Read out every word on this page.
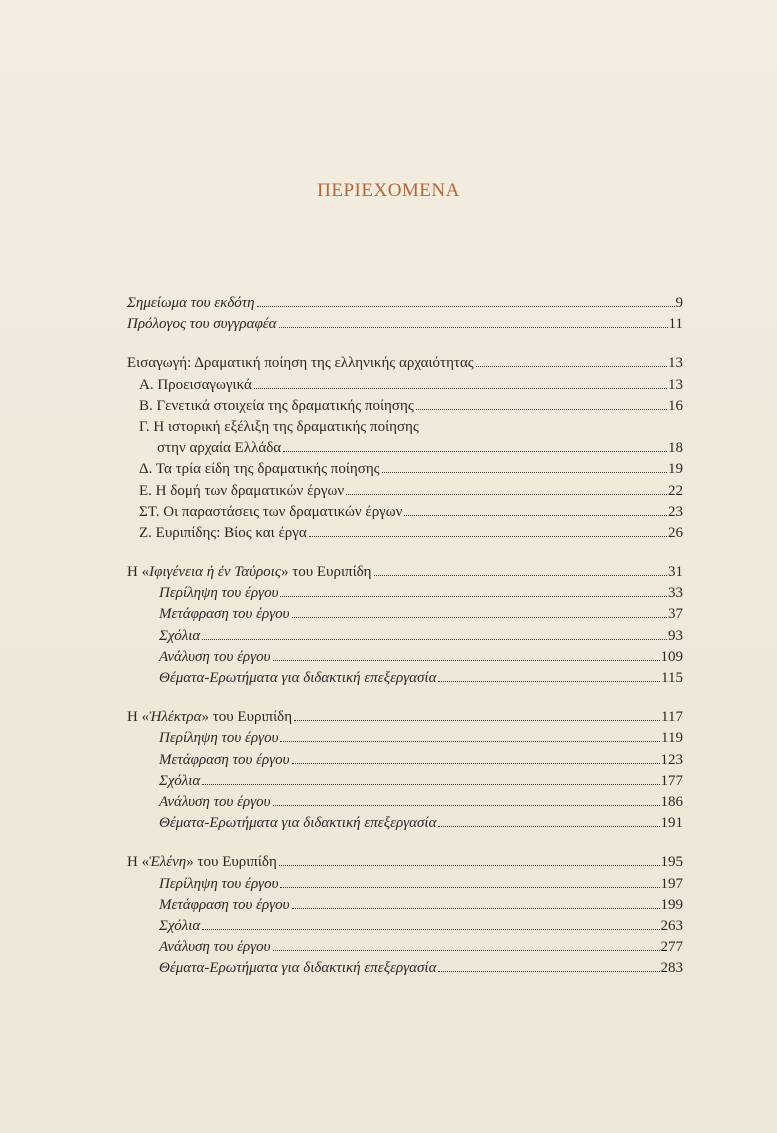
ΠΕΡΙΕΧΟΜΕΝΑ
Σημείωμα του εκδότη	9
Πρόλογος του συγγραφέα	11
Εισαγωγή: Δραματική ποίηση της ελληνικής αρχαιότητας	13
Α. Προεισαγωγικά	13
Β. Γενετικά στοιχεία της δραματικής ποίησης	16
Γ. Η ιστορική εξέλιξη της δραματικής ποίησης
στην αρχαία Ελλάδα	18
Δ. Τα τρία είδη της δραματικής ποίησης	19
Ε. Η δομή των δραματικών έργων	22
ΣΤ. Οι παραστάσεις των δραματικών έργων	23
Ζ. Ευριπίδης: Βίος και έργα	26
Η «Ιφιγένεια ἡ ἐν Ταύροις» του Ευριπίδη	31
Περίληψη του έργου	33
Μετάφραση του έργου	37
Σχόλια	93
Ανάλυση του έργου	109
Θέματα-Ερωτήματα για διδακτική επεξεργασία	115
Η «Ἠλέκτρα» του Ευριπίδη	117
Περίληψη του έργου	119
Μετάφραση του έργου	123
Σχόλια	177
Ανάλυση του έργου	186
Θέματα-Ερωτήματα για διδακτική επεξεργασία	191
Η «Ἑλένη» του Ευριπίδη	195
Περίληψη του έργου	197
Μετάφραση του έργου	199
Σχόλια	263
Ανάλυση του έργου	277
Θέματα-Ερωτήματα για διδακτική επεξεργασία	283
